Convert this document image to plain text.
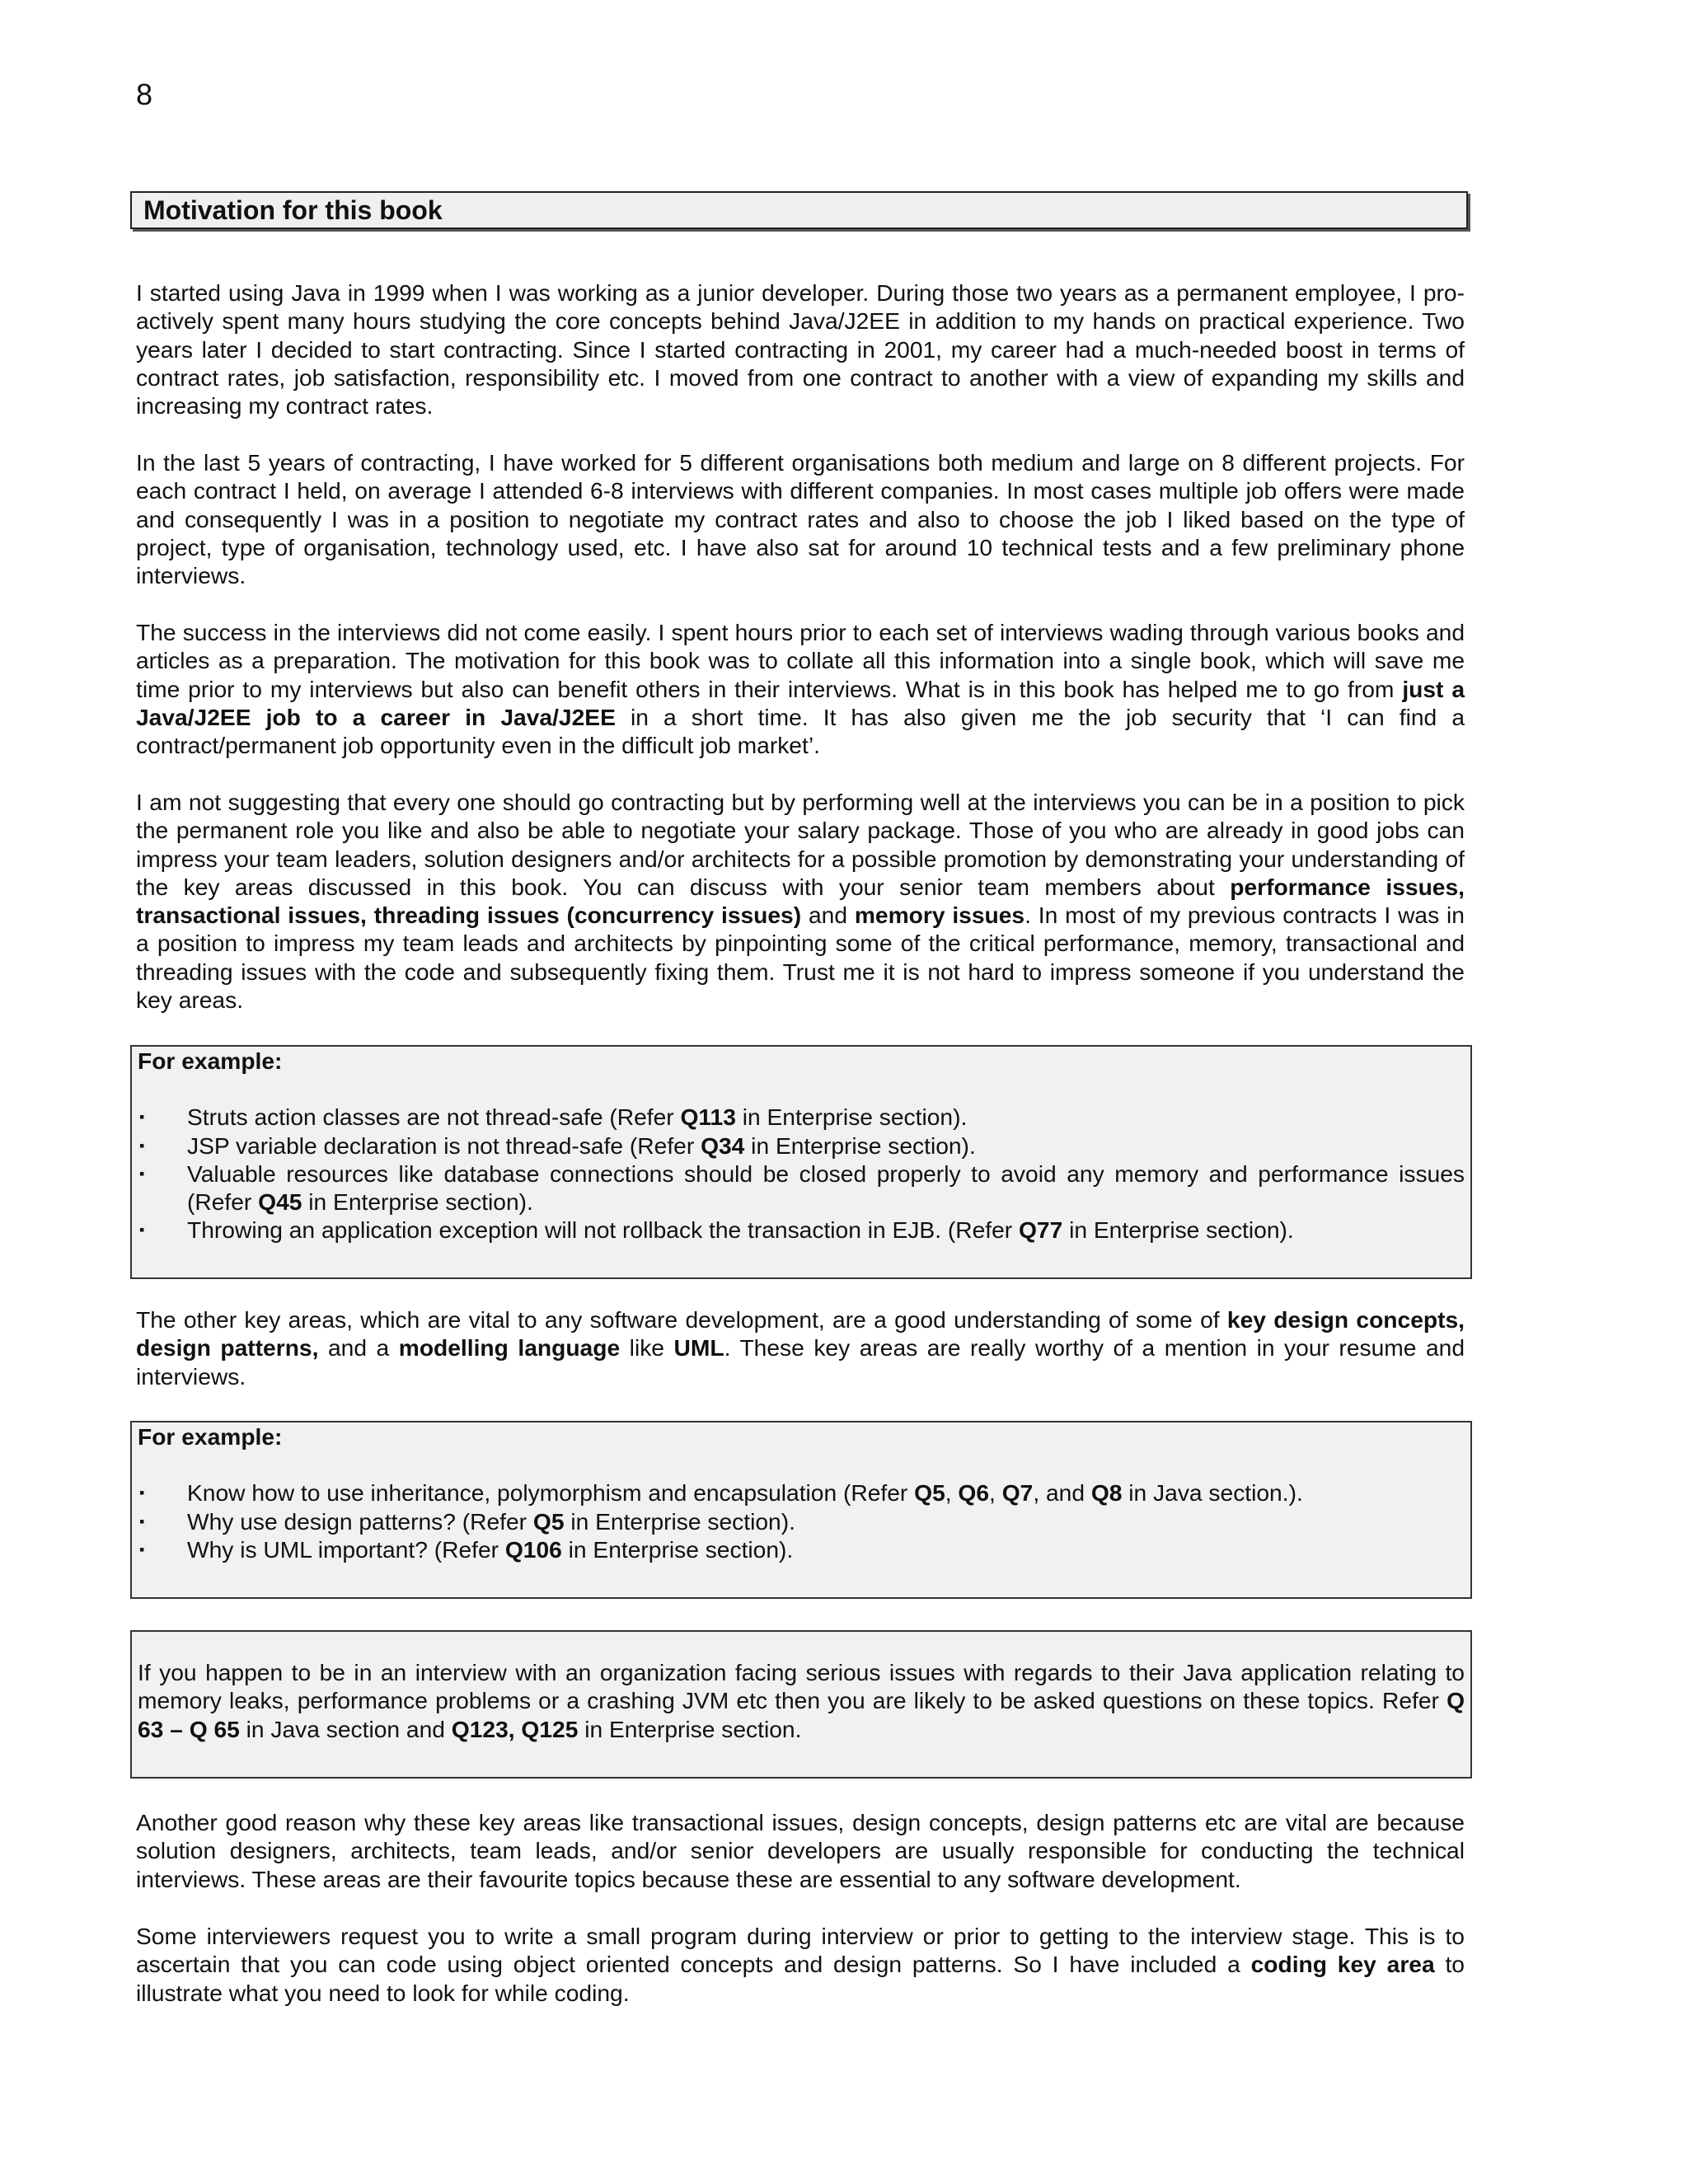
8
Motivation for this book

I started using Java in 1999 when I was working as a junior developer. During those two years as a permanent employee, I pro-actively spent many hours studying the core concepts behind Java/J2EE in addition to my hands on practical experience. Two years later I decided to start contracting. Since I started contracting in 2001, my career had a much-needed boost in terms of contract rates, job satisfaction, responsibility etc. I moved from one contract to another with a view of expanding my skills and increasing my contract rates.

In the last 5 years of contracting, I have worked for 5 different organisations both medium and large on 8 different projects. For each contract I held, on average I attended 6-8 interviews with different companies. In most cases multiple job offers were made and consequently I was in a position to negotiate my contract rates and also to choose the job I liked based on the type of project, type of organisation, technology used, etc. I have also sat for around 10 technical tests and a few preliminary phone interviews.

The success in the interviews did not come easily. I spent hours prior to each set of interviews wading through various books and articles as a preparation. The motivation for this book was to collate all this information into a single book, which will save me time prior to my interviews but also can benefit others in their interviews. What is in this book has helped me to go from just a Java/J2EE job to a career in Java/J2EE in a short time. It has also given me the job security that ‘I can find a contract/permanent job opportunity even in the difficult job market’.

I am not suggesting that every one should go contracting but by performing well at the interviews you can be in a position to pick the permanent role you like and also be able to negotiate your salary package. Those of you who are already in good jobs can impress your team leaders, solution designers and/or architects for a possible promotion by demonstrating your understanding of the key areas discussed in this book. You can discuss with your senior team members about performance issues, transactional issues, threading issues (concurrency issues) and memory issues. In most of my previous contracts I was in a position to impress my team leads and architects by pinpointing some of the critical performance, memory, transactional and threading issues with the code and subsequently fixing them. Trust me it is not hard to impress someone if you understand the key areas.

For example:

▪ Struts action classes are not thread-safe (Refer Q113 in Enterprise section).
▪ JSP variable declaration is not thread-safe (Refer Q34 in Enterprise section).
▪ Valuable resources like database connections should be closed properly to avoid any memory and performance issues (Refer Q45 in Enterprise section).
▪ Throwing an application exception will not rollback the transaction in EJB. (Refer Q77 in Enterprise section).

The other key areas, which are vital to any software development, are a good understanding of some of key design concepts, design patterns, and a modelling language like UML. These key areas are really worthy of a mention in your resume and interviews.

For example:

▪ Know how to use inheritance, polymorphism and encapsulation (Refer Q5, Q6, Q7, and Q8 in Java section.).
▪ Why use design patterns? (Refer Q5 in Enterprise section).
▪ Why is UML important? (Refer Q106 in Enterprise section).

If you happen to be in an interview with an organization facing serious issues with regards to their Java application relating to memory leaks, performance problems or a crashing JVM etc then you are likely to be asked questions on these topics. Refer Q 63 – Q 65 in Java section and Q123, Q125 in Enterprise section.

Another good reason why these key areas like transactional issues, design concepts, design patterns etc are vital are because solution designers, architects, team leads, and/or senior developers are usually responsible for conducting the technical interviews. These areas are their favourite topics because these are essential to any software development.

Some interviewers request you to write a small program during interview or prior to getting to the interview stage. This is to ascertain that you can code using object oriented concepts and design patterns. So I have included a coding key area to illustrate what you need to look for while coding.
